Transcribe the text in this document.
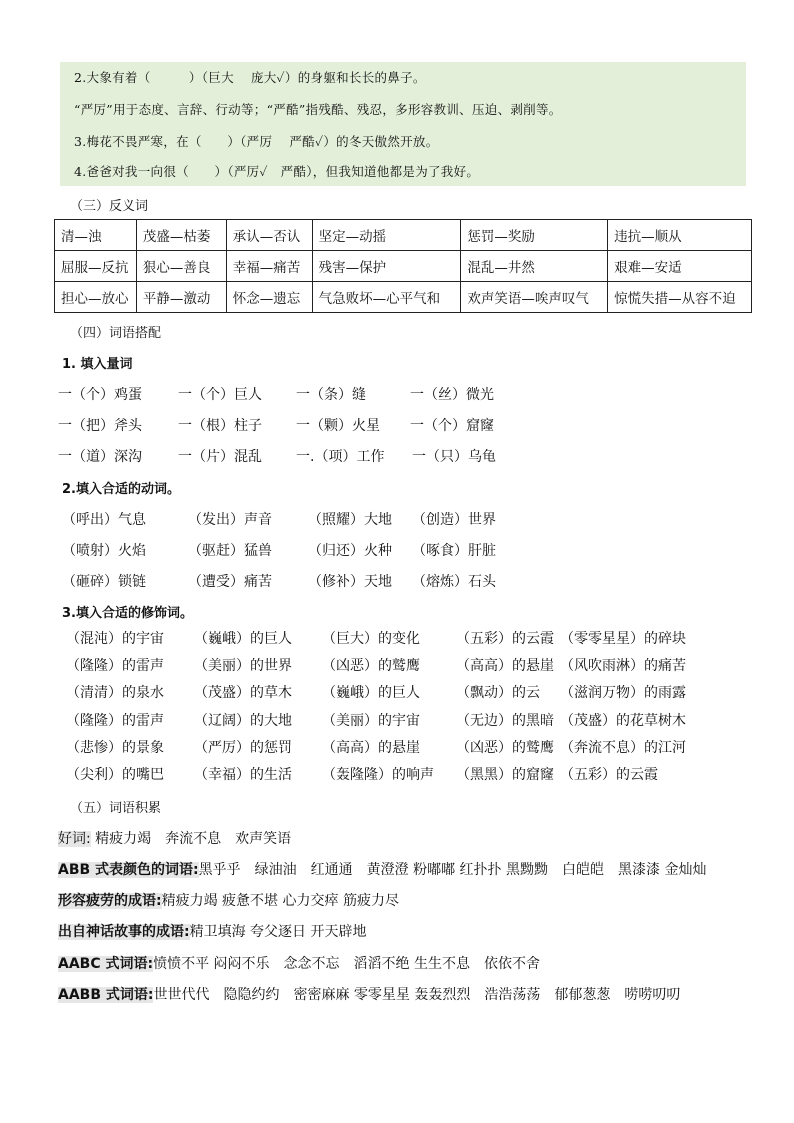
2.大象有着（　　　）（巨大　 庞大✓）的身躯和长长的鼻子。
“严厉”用于态度、言辞、行动等；“严酷”指残酷、残忍，多形容教训、压迫、剥削等。
3.梅花不畏严寒，在（　　）（严厉　 严酷✓）的冬天傲然开放。
4.爸爸对我一向很（　　）（严厉✓　严酷），但我知道他都是为了我好。
（三）反义词
清—浊	茂盛—枯萎	承认—否认	坚定—动摇	惩罚—奖励	违抗—顺从
屈服—反抗	狠心—善良	幸福—痛苦	残害—保护	混乱—井然	艰难—安适
担心—放心	平静—激动	怀念—遗忘	气急败坏—心平气和	欢声笑语—唉声叹气	惊慌失措—从容不迫
（四）词语搭配
1. 填入量词
一（个）鸡蛋	一（个）巨人 一（条）缝	一（丝）微光
一（把）斧头	一（根）柱子 一（颗）火星 一（个）窟窿
一（道）深沟	一（片）混乱 一.（项）工作 一（只）乌龟
2.填入合适的动词。
（呼出）气息	（发出）声音	（照耀）大地 （创造）世界
（喷射）火焰	（驱赶）猛兽	（归还）火种 （啄食）肝脏
（砸碎）锁链	（遭受）痛苦	（修补）天地 （熔炼）石头
3.填入合适的修饰词。
（混沌）的宇宙 （巍峨）的巨人 （巨大）的变化	（五彩）的云霞 （零零星星）的碎块
（隆隆）的雷声 （美丽）的世界 （凶恶）的鹫鹰	（高高）的悬崖 （风吹雨淋）的痛苦
（清清）的泉水 （茂盛）的草木 （巍峨）的巨人	（飘动）的云 （滋润万物）的雨露
（隆隆）的雷声 （辽阔）的大地 （美丽）的宇宙	（无边）的黑暗 （茂盛）的花草树木
（悲惨）的景象 （严厉）的惩罚 （高高）的悬崖	（凶恶）的鹫鹰 （奔流不息）的江河
（尖利）的嘴巴 （幸福）的生活 （轰隆隆）的响声 （黑黑）的窟窿 （五彩）的云霞
（五）词语积累
好词: 精疲力竭　奔流不息　欢声笑语
ABB 式表颜色的词语:黑乎乎　绿油油　红通通　黄澄澄 粉嘟嘟 红扑扑 黑黝黝　白皑皑　黑漆漆 金灿灿
形容疲劳的成语:精疲力竭 疲惫不堪 心力交瘁 筋疲力尽
出自神话故事的成语:精卫填海 夸父逐日 开天辟地
AABC 式词语:愤愤不平 闷闷不乐　念念不忘　滔滔不绝 生生不息　依依不舍
AABB 式词语:世世代代　隐隐约约　密密麻麻 零零星星 轰轰烈烈　浩浩荡荡　郁郁葱葱　唠唠叨叨
